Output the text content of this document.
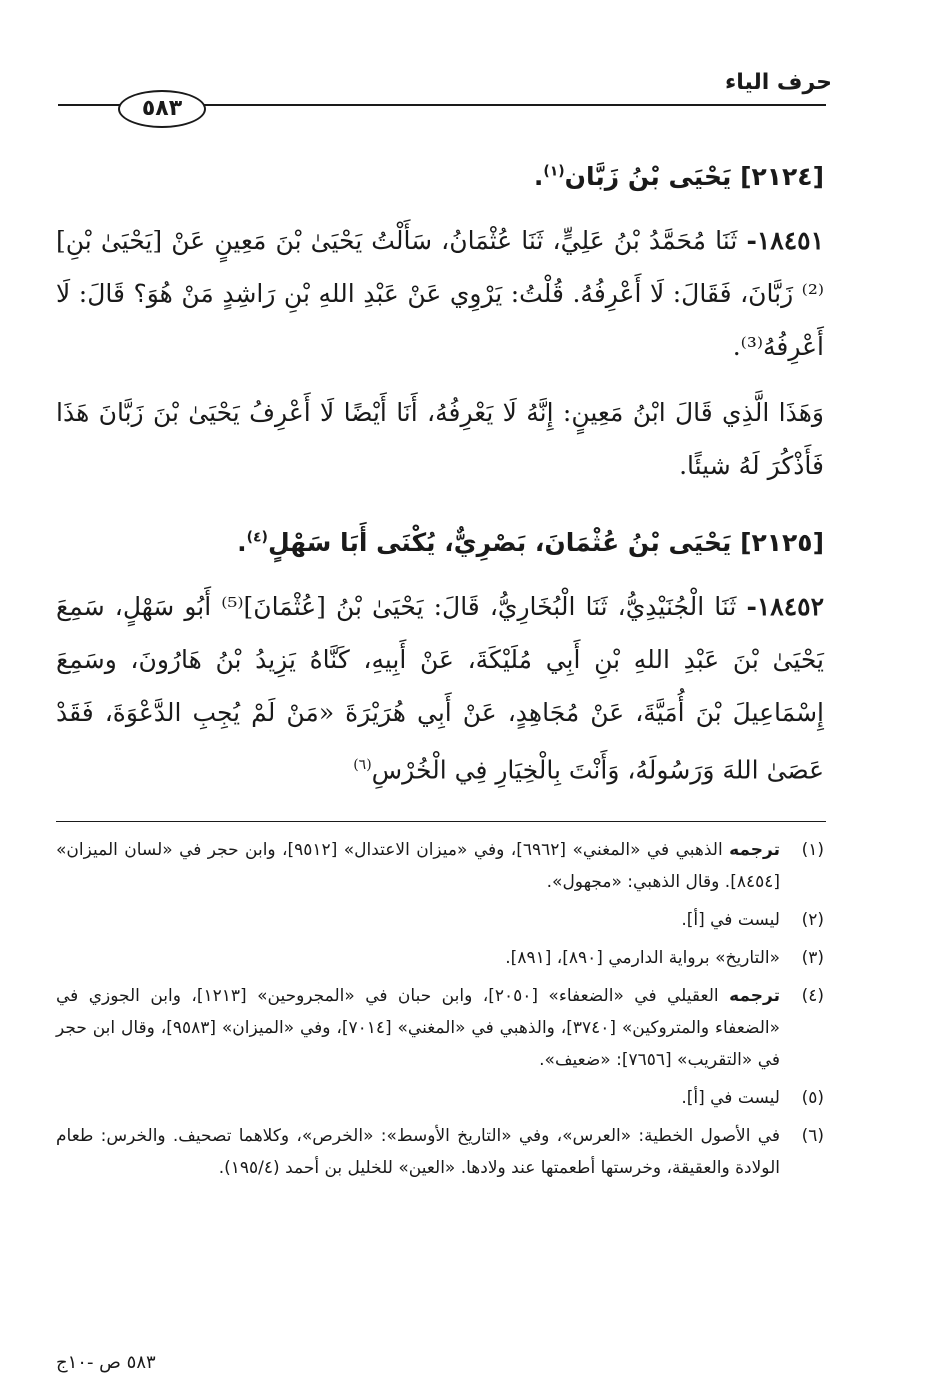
حرف الياء
٥٨٣
[٢١٢٤] يَحْيَى بْنُ زَبَّان$^{(١)}$.

١٨٤٥١- ثَنَا مُحَمَّدُ بْنُ عَلِيٍّ، ثَنَا عُثْمَانُ، سَأَلْتُ يَحْيَىٰ بْنَ مَعِينٍ عَنْ [يَحْيَىٰ بْنِ]⁽²⁾ زَبَّانَ، فَقَالَ: لَا أَعْرِفُهُ. قُلْتُ: يَرْوِي عَنْ عَبْدِ اللهِ بْنِ رَاشِدٍ مَنْ هُوَ؟ قَالَ: لَا أَعْرِفُهُ⁽³⁾.

وَهَذَا الَّذِي قَالَ ابْنُ مَعِينٍ: إِنَّهُ لَا يَعْرِفُهُ، أَنَا أَيْضًا لَا أَعْرِفُ يَحْيَىٰ بْنَ زَبَّانَ هَذَا فَأَذْكُرَ لَهُ شيئًا.

[٢١٢٥] يَحْيَى بْنُ عُثْمَانَ، بَصْرِيٌّ، يُكْنَى أَبَا سَهْلٍ$^{(٤)}$.

١٨٤٥٢- ثَنَا الْجُنَيْدِيُّ، ثَنَا الْبُخَارِيُّ، قَالَ: يَحْيَىٰ بْنُ [عُثْمَانَ]⁽⁵⁾ أَبُو سَهْلٍ، سَمِعَ يَحْيَىٰ بْنَ عَبْدِ اللهِ بْنِ أَبِي مُلَيْكَةَ، عَنْ أَبِيهِ، كَنَّاهُ يَزِيدُ بْنُ هَارُونَ، وسَمِعَ إِسْمَاعِيلَ بْنَ أُمَيَّةَ، عَنْ مُجَاهِدٍ، عَنْ أَبِي هُرَيْرَةَ «مَنْ لَمْ يُجِبِ الدَّعْوَةَ، فَقَدْ عَصَىٰ اللهَ وَرَسُولَهُ، وَأَنْتَ بِالْخِيَارِ فِي الْخُرْسِ$^{(٦)}$

(١)
ترجمه الذهبي في «المغني» [٦٩٦٢]، وفي «ميزان الاعتدال» [٩٥١٢]، وابن حجر في «لسان الميزان» [٨٤٥٤]. وقال الذهبي: «مجهول».
(٢)
ليست في [أ].
(٣)
«التاريخ» برواية الدارمي [٨٩٠]، [٨٩١].
(٤)
ترجمه العقيلي في «الضعفاء» [٢٠٥٠]، وابن حبان في «المجروحين» [١٢١٣]، وابن الجوزي في «الضعفاء والمتروكين» [٣٧٤٠]، والذهبي في «المغني» [٧٠١٤]، وفي «الميزان» [٩٥٨٣]، وقال ابن حجر في «التقريب» [٧٦٥٦]: «ضعيف».
(٥)
ليست في [أ].
(٦)
في الأصول الخطية: «العرس»، وفي «التاريخ الأوسط»: «الخرص»، وكلاهما تصحيف. والخرس: طعام الولادة والعقيقة، وخرستها أطعمتها عند ولادها. «العين» للخليل بن أحمد (١٩٥/٤).
٥٨٣ ص -١٠ج
